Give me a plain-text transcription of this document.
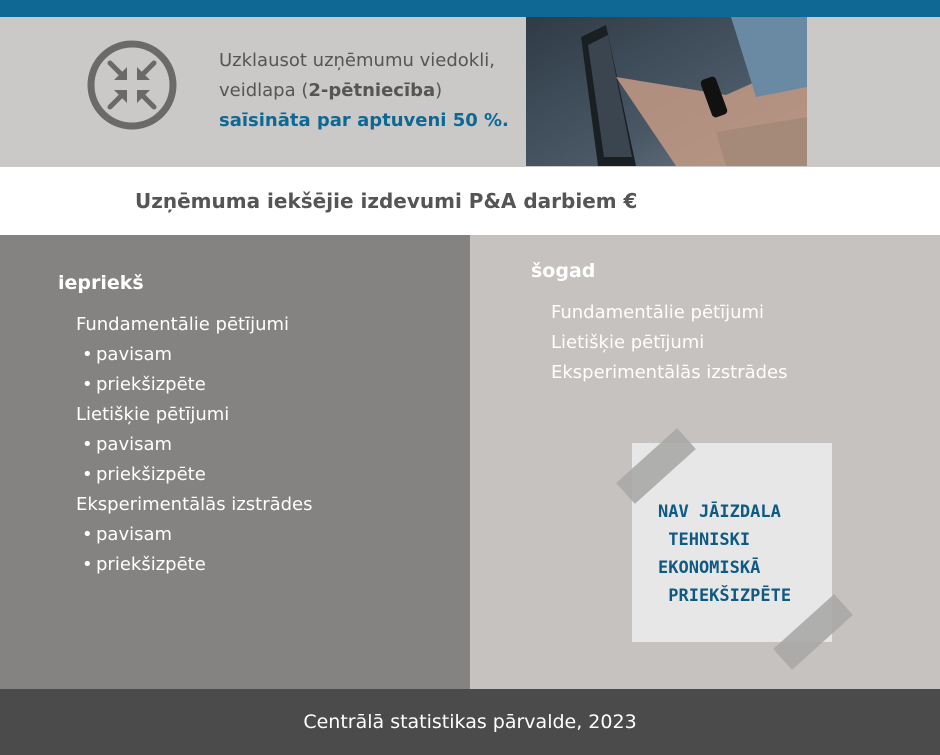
Uzklausot uzņēmumu viedokli,
veidlapa (2-pētniecība)
saīsināta par aptuveni 50 %.
Uzņēmuma iekšējie izdevumi P&A darbiem €
iepriekš
Fundamentālie pētījumi
• pavisam
• priekšizpēte
Lietišķie pētījumi
• pavisam
• priekšizpēte
Eksperimentālās izstrādes
• pavisam
• priekšizpēte
šogad
Fundamentālie pētījumi
Lietišķie pētījumi
Eksperimentālās izstrādes
NAV JĀIZDALA
TEHNISKI
EKONOMISKĀ
PRIEKŠIZPĒTE
Centrālā statistikas pārvalde, 2023
